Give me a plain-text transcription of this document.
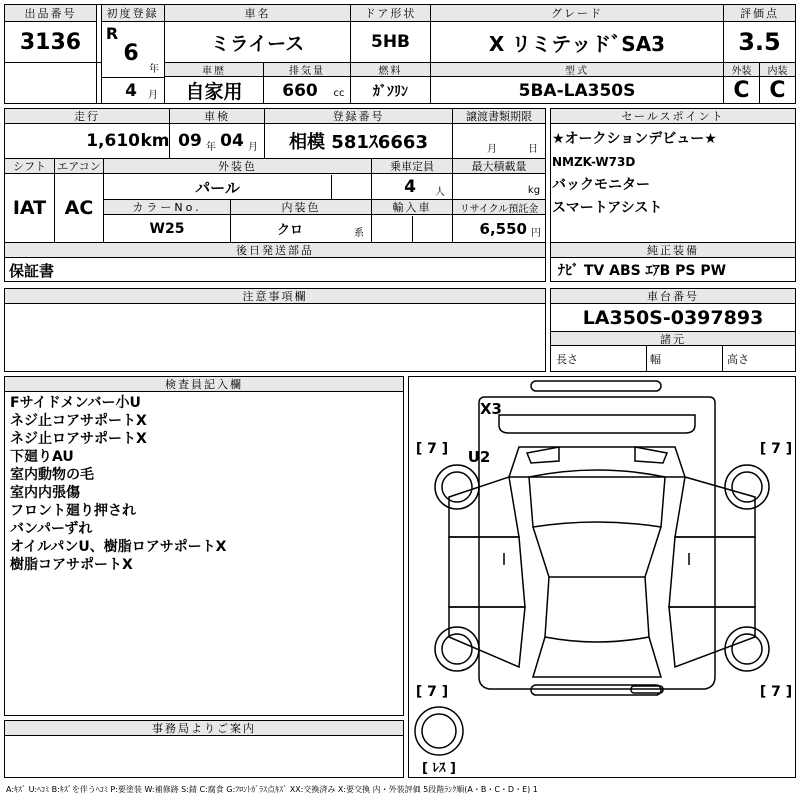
出品番号
3136
初度登録
R
6
年
4	月
車名
ミライース
ドア形状
5HB
グレード
X リミテッドﾞSA3
評価点
3.5
車歴	排気量	燃料	型式	外装	内装
自家用	660	cc	ｶﾞｿﾘﾝ	5BA-LA350S	C C
走行	車検	登録番号	譲渡書類期限
1,610 km 09 年 04 月	相模 581ｽ6663	月	日
シフト	エアコン	外装色	乗車定員	最大積載量
IAT AC
パール	4	人	kg
カラーNo.	内装色	輸入車	リサイクル預託金
W25	クロ	系	6,550 円
後日発送部品
保証書
セールスポイント
★オークションデビュー★
NMZK-W73D
バックモニター
スマートアシスト
純正装備
ﾅﾋﾞ TV ABS ｴｱB PS PW
注意事項欄	車台番号
LA350S-0397893
諸元
長さ	幅	高さ
検査員記入欄
Fサイドメンバー小U
ネジ止コアサポートX
ネジ止ロアサポートX
下廻りAU
室内動物の毛
室内内張傷
フロント廻り押され
バンパーずれ
オイルパンU、樹脂ロアサポートX
樹脂コアサポートX
事務局よりご案内
X3
U2
[ 7 ]	[ 7 ]
[ 7 ]	[ 7 ]
[ ﾚｽ ]
A:ｷｽﾞ U:ﾍｺﾐ B:ｷｽﾞを伴うﾍｺﾐ P:要塗装 W:補修跡 S:錆 C:腐食 G:ﾌﾛﾝﾄｶﾞﾗｽ点ｷｽﾞ XX:交換済み X:要交換 内・外装評価 5段階ﾗﾝｸ順(A・B・C・D・E) 1
